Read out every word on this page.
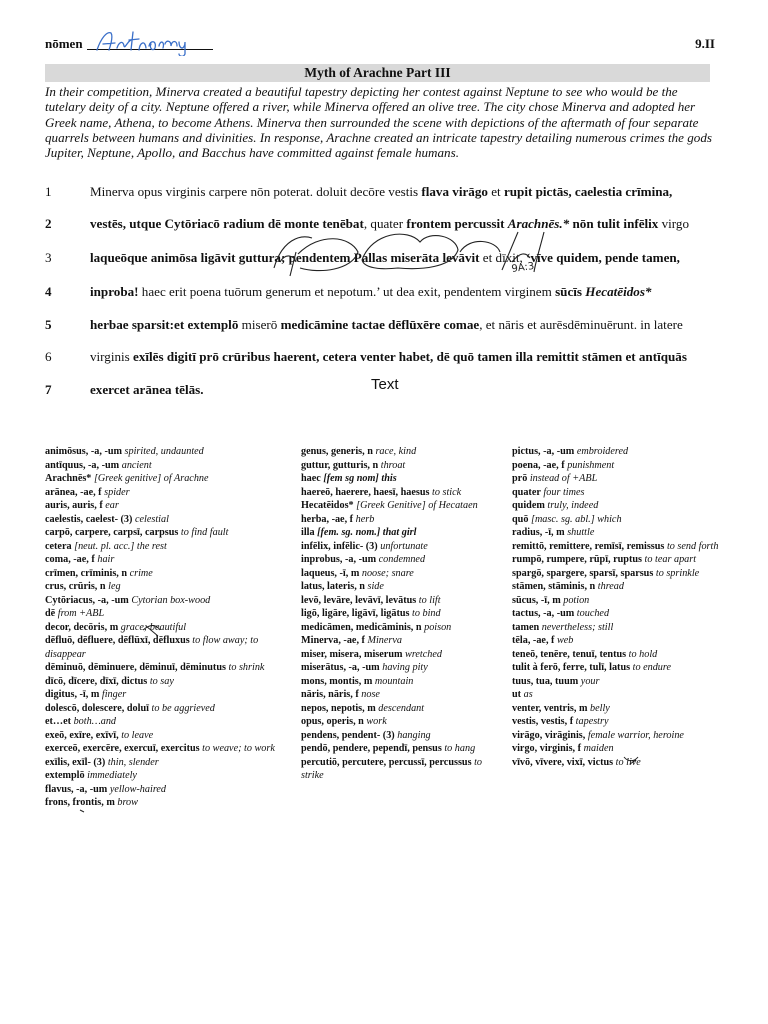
nōmen	9.II
Myth of Arachne Part III
In their competition, Minerva created a beautiful tapestry depicting her contest against Neptune to see who would be the tutelary deity of a city. Neptune offered a river, while Minerva offered an olive tree. The city chose Minerva and adopted her Greek name, Athena, to become Athens. Minerva then surrounded the scene with depictions of the aftermath of four separate quarrels between humans and divinities. In response, Arachne created an intricate tapestry detailing numerous crimes the gods Jupiter, Neptune, Apollo, and Bacchus have committed against female humans.
1	Minerva opus virginis carpere nōn poterat. doluit decōre vestis flava virāgo et rupit pictās, caelestia crīmina,
2	vestēs, utque Cytōriacō radium dē monte tenēbat, quater frontem percussit Arachnēs.* nōn tulit infēlix virgo
3	laqueōque animōsa ligāvit guttura; pendentem Pallas miserāta levāvit et dīxit, ‘vīve quidem, pende tamen,
4	inproba! haec erit poena tuōrum generum et nepotum.’ ut dea exit, pendentem virginem sūcīs Hecatēidos*
5	herbae sparsit:et extemplō miserō medicāmine tactae dēflūxēre comae, et nāris et aurēsdēminuērunt. in latere
6	virginis exīlēs digitī prō crūribus haerent, cetera venter habet, dē quō tamen illa remittit stāmen et antīquās
7	exercet arānea tēlās.
9A:3
Text
animōsus, -a, -um spirited, undaunted
antīquus, -a, -um ancient
Arachnēs* [Greek genitive] of Arachne
arānea, -ae, f spider
auris, auris, f ear
caelestis, caelest- (3) celestial
carpō, carpere, carpsī, carpsus to find fault
cetera [neut. pl. acc.] the rest
coma, -ae, f hair
crīmen, crīminis, n crime
crus, crūris, n leg
Cytōriacus, -a, -um Cytorian box-wood
dē from +ABL
decor, decōris, m grace; beautiful
dēfluō, dēfluere, dēflūxī, dēfluxus to flow away; to disappear
dēminuō, dēminuere, dēminuī, dēminutus to shrink
dīcō, dīcere, dīxī, dictus to say
digitus, -ī, m finger
dolescō, dolescere, doluī to be aggrieved
et…et both…and
exeō, exīre, exīvī, to leave
exerceō, exercēre, exercuī, exercitus to weave; to work
exīlis, exīl- (3) thin, slender
extemplō immediately
flavus, -a, -um yellow-haired
frons, frontis, m brow
genus, generis, n race, kind
guttur, gutturis, n throat
haec [fem sg nom] this
haereō, haerere, haesī, haesus to stick
Hecatēidos* [Greek Genitive] of Hecataen
herba, -ae, f herb
illa [fem. sg. nom.] that girl
infēlix, infēlic- (3) unfortunate
inprobus, -a, -um condemned
laqueus, -ī, m noose; snare
latus, lateris, n side
levō, levāre, levāvī, levātus to lift
ligō, ligāre, ligāvī, ligātus to bind
medicāmen, medicāminis, n poison
Minerva, -ae, f Minerva
miser, misera, miserum wretched
miserātus, -a, -um having pity
mons, montis, m mountain
nāris, nāris, f nose
nepos, nepotis, m descendant
opus, operis, n work
pendens, pendent- (3) hanging
pendō, pendere, pependī, pensus to hang
percutiō, percutere, percussī, percussus to strike
pictus, -a, -um embroidered
poena, -ae, f punishment
prō instead of +ABL
quater four times
quidem truly, indeed
quō [masc. sg. abl.] which
radius, -ī, m shuttle
remittō, remittere, remīsī, remissus to send forth
rumpō, rumpere, rūpī, ruptus to tear apart
spargō, spargere, sparsī, sparsus to sprinkle
stāmen, stāminis, n thread
sūcus, -ī, m potion
tactus, -a, -um touched
tamen nevertheless; still
tēla, -ae, f web
teneō, tenēre, tenuī, tentus to hold
tulit à ferō, ferre, tulī, latus to endure
tuus, tua, tuum your
ut as
venter, ventris, m belly
vestis, vestis, f tapestry
virāgo, virāginis, female warrior, heroine
virgo, virginis, f maiden
vīvō, vīvere, vixī, victus to live
